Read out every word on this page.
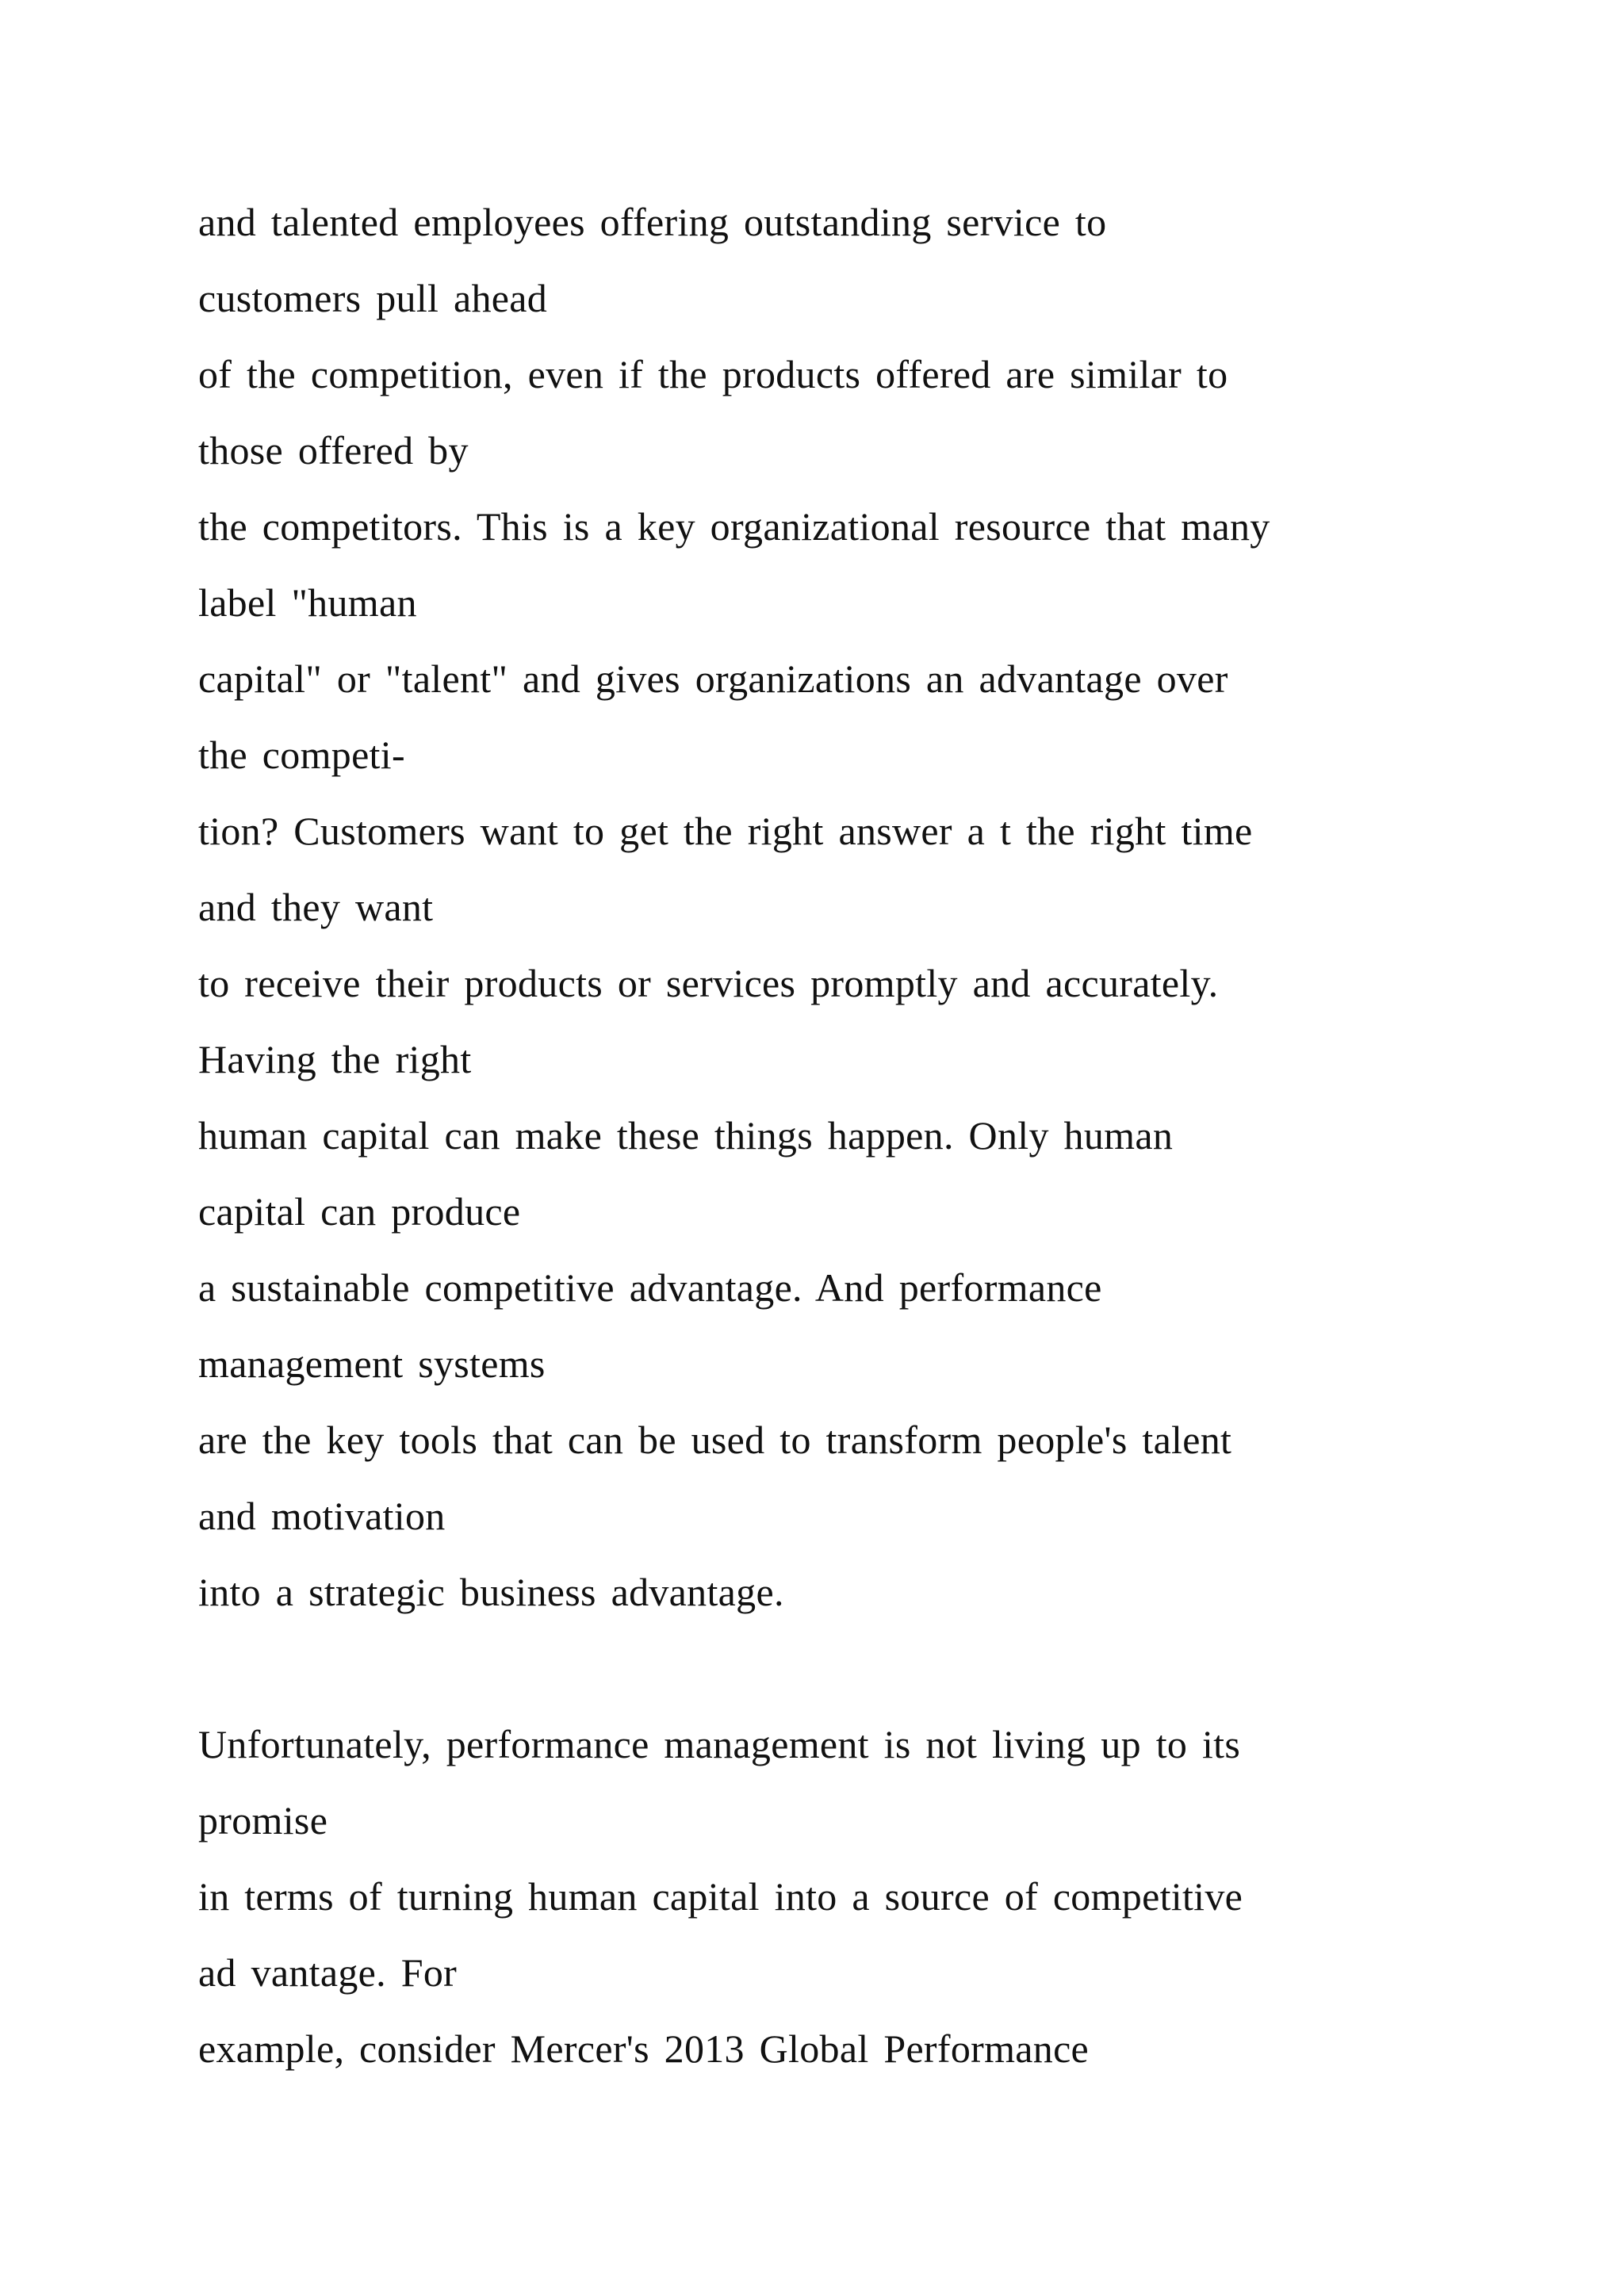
and talented employees offering outstanding service to
customers pull ahead
of the competition, even if the products offered are similar to
those offered by
the competitors. This is a key organizational resource that many
label "human
capital" or "talent" and gives organizations an advantage over
the competi-
tion? Customers want to get the right answer a t the right time
and they want
to receive their products or services promptly and accurately.
Having the right
human capital can make these things happen. Only human
capital can produce
a sustainable competitive advantage. And performance
management systems
are the key tools that can be used to transform people's talent
and motivation
into a strategic business advantage.
Unfortunately, performance management is not living up to its
promise
in terms of turning human capital into a source of competitive
ad vantage. For
example, consider Mercer's 2013 Global Performance
